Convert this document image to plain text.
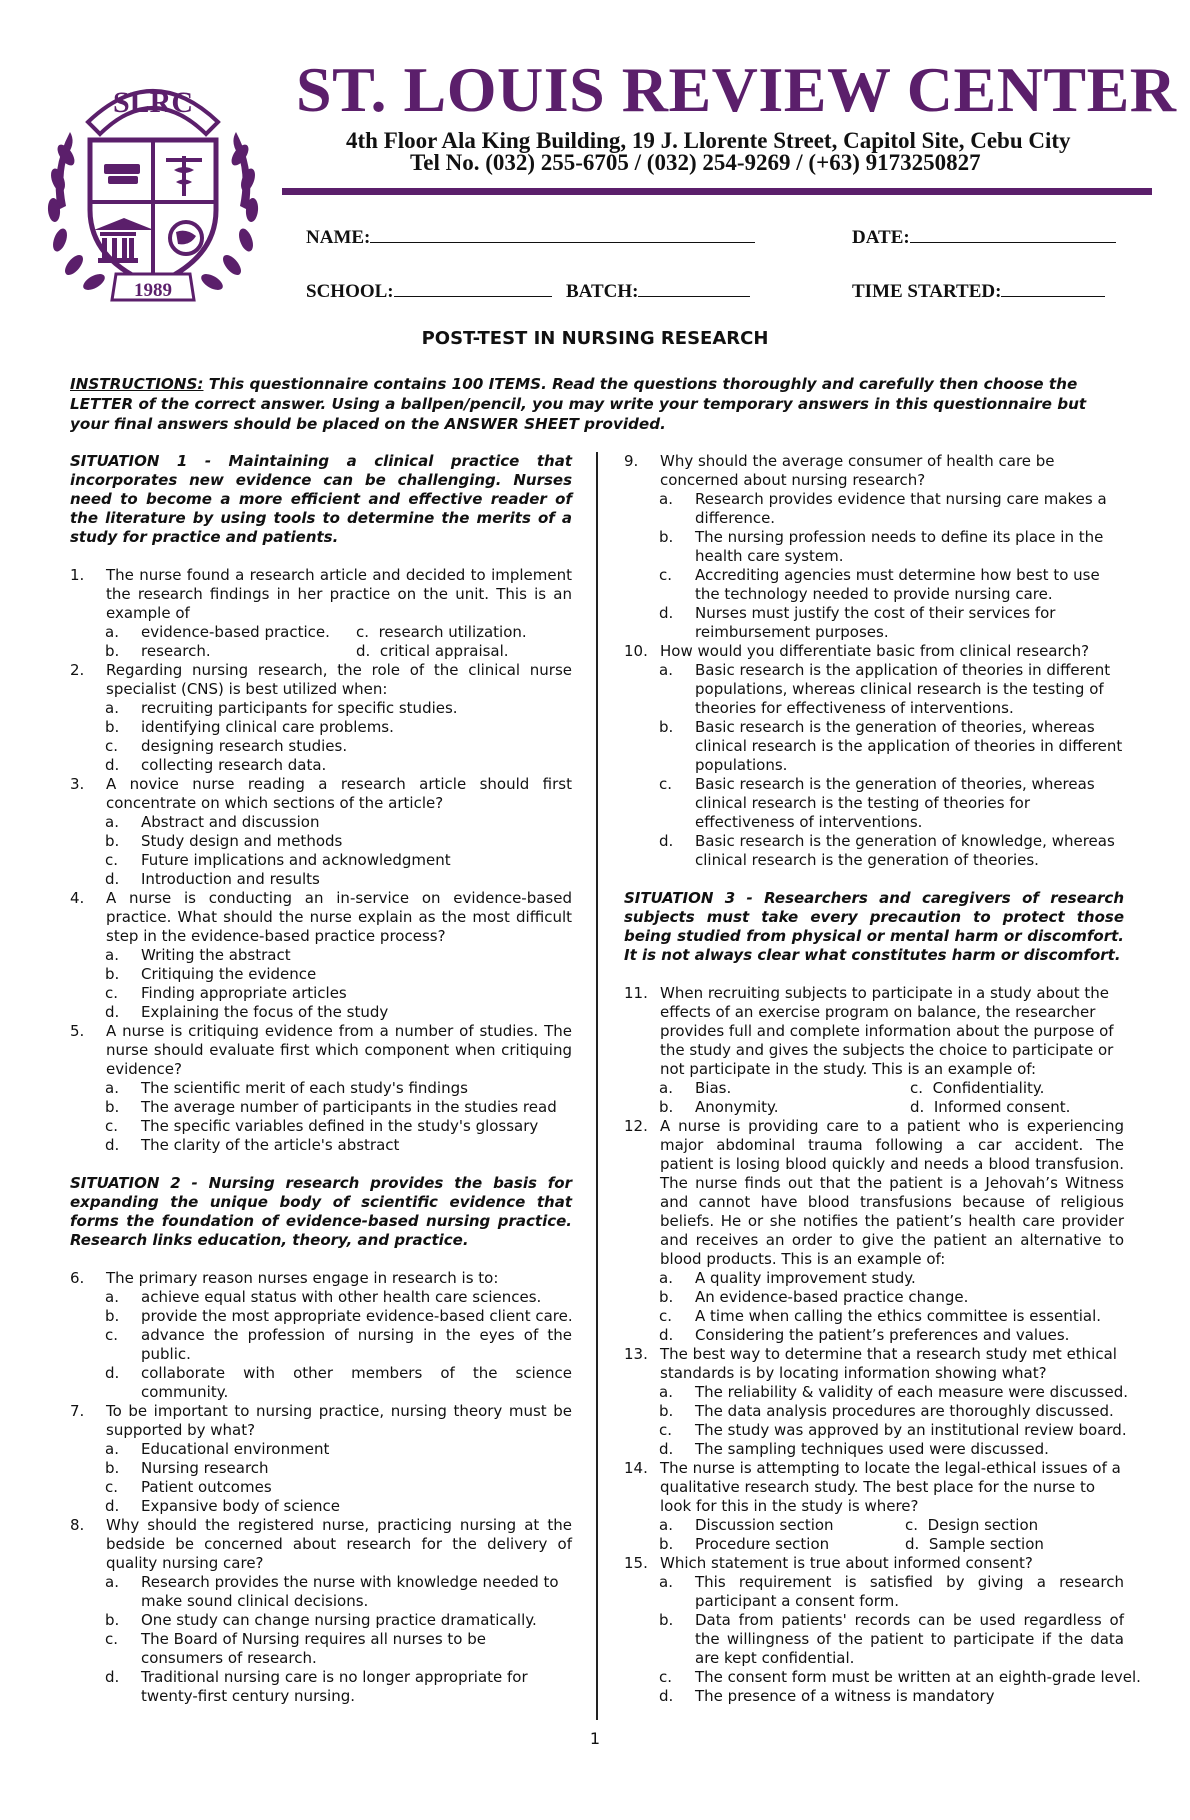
SLRC
1989
ST. LOUIS REVIEW CENTER
4th Floor Ala King Building, 19 J. Llorente Street, Capitol Site, Cebu City
Tel No. (032) 255-6705 / (032) 254-9269 / (+63) 9173250827
NAME:	DATE:
SCHOOL:	BATCH:	TIME STARTED:
POST-TEST IN NURSING RESEARCH
INSTRUCTIONS: This questionnaire contains 100 ITEMS. Read the questions thoroughly and carefully then choose the LETTER of the correct answer. Using a ballpen/pencil, you may write your temporary answers in this questionnaire but your final answers should be placed on the ANSWER SHEET provided.
SITUATION 1 - Maintaining a clinical practice that incorporates new evidence can be challenging. Nurses need to become a more efficient and effective reader of the literature by using tools to determine the merits of a study for practice and patients.
1. The nurse found a research article and decided to implement the research findings in her practice on the unit. This is an example of
a. evidence-based practice. c. research utilization.
b. research.	d. critical appraisal.
2. Regarding nursing research, the role of the clinical nurse specialist (CNS) is best utilized when:
a. recruiting participants for specific studies.
b. identifying clinical care problems.
c. designing research studies.
d. collecting research data.
3. A novice nurse reading a research article should first concentrate on which sections of the article?
a. Abstract and discussion
b. Study design and methods
c. Future implications and acknowledgment
d. Introduction and results
4. A nurse is conducting an in-service on evidence-based practice. What should the nurse explain as the most difficult step in the evidence-based practice process?
a. Writing the abstract
b. Critiquing the evidence
c. Finding appropriate articles
d. Explaining the focus of the study
5. A nurse is critiquing evidence from a number of studies. The nurse should evaluate first which component when critiquing evidence?
a. The scientific merit of each study's findings
b. The average number of participants in the studies read
c. The specific variables defined in the study's glossary
d. The clarity of the article's abstract
SITUATION 2 - Nursing research provides the basis for expanding the unique body of scientific evidence that forms the foundation of evidence-based nursing practice. Research links education, theory, and practice.
6. The primary reason nurses engage in research is to:
a. achieve equal status with other health care sciences.
b. provide the most appropriate evidence-based client care.
c. advance the profession of nursing in the eyes of the public.
d. collaborate with other members of the science community.
7. To be important to nursing practice, nursing theory must be supported by what?
a. Educational environment
b. Nursing research
c. Patient outcomes
d. Expansive body of science
8. Why should the registered nurse, practicing nursing at the bedside be concerned about research for the delivery of quality nursing care?
a. Research provides the nurse with knowledge needed to make sound clinical decisions.
b. One study can change nursing practice dramatically.
c. The Board of Nursing requires all nurses to be consumers of research.
d. Traditional nursing care is no longer appropriate for twenty-first century nursing.
9. Why should the average consumer of health care be concerned about nursing research?
a. Research provides evidence that nursing care makes a difference.
b. The nursing profession needs to define its place in the health care system.
c. Accrediting agencies must determine how best to use the technology needed to provide nursing care.
d. Nurses must justify the cost of their services for reimbursement purposes.
10. How would you differentiate basic from clinical research?
a. Basic research is the application of theories in different populations, whereas clinical research is the testing of theories for effectiveness of interventions.
b. Basic research is the generation of theories, whereas clinical research is the application of theories in different populations.
c. Basic research is the generation of theories, whereas clinical research is the testing of theories for effectiveness of interventions.
d. Basic research is the generation of knowledge, whereas clinical research is the generation of theories.
SITUATION 3 - Researchers and caregivers of research subjects must take every precaution to protect those being studied from physical or mental harm or discomfort. It is not always clear what constitutes harm or discomfort.
11. When recruiting subjects to participate in a study about the effects of an exercise program on balance, the researcher provides full and complete information about the purpose of the study and gives the subjects the choice to participate or not participate in the study. This is an example of:
a. Bias.	c. Confidentiality.
b. Anonymity.	d. Informed consent.
12. A nurse is providing care to a patient who is experiencing major abdominal trauma following a car accident. The patient is losing blood quickly and needs a blood transfusion. The nurse finds out that the patient is a Jehovah’s Witness and cannot have blood transfusions because of religious beliefs. He or she notifies the patient’s health care provider and receives an order to give the patient an alternative to blood products. This is an example of:
a. A quality improvement study.
b. An evidence-based practice change.
c. A time when calling the ethics committee is essential.
d. Considering the patient’s preferences and values.
13. The best way to determine that a research study met ethical standards is by locating information showing what?
a. The reliability & validity of each measure were discussed.
b. The data analysis procedures are thoroughly discussed.
c. The study was approved by an institutional review board.
d. The sampling techniques used were discussed.
14. The nurse is attempting to locate the legal-ethical issues of a qualitative research study. The best place for the nurse to look for this in the study is where?
a. Discussion section	c. Design section
b. Procedure section	d. Sample section
15. Which statement is true about informed consent?
a. This requirement is satisfied by giving a research participant a consent form.
b. Data from patients' records can be used regardless of the willingness of the patient to participate if the data are kept confidential.
c. The consent form must be written at an eighth-grade level.
d. The presence of a witness is mandatory
1
